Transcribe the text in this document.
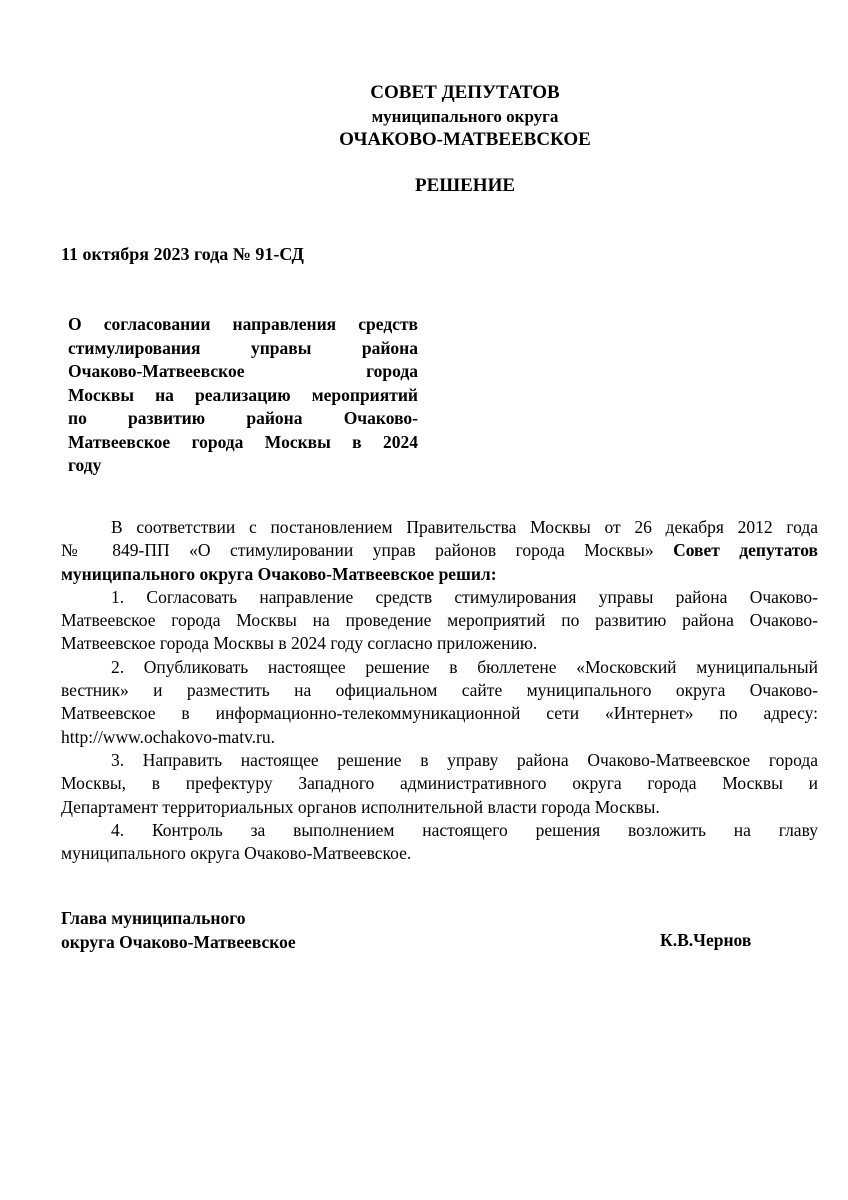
СОВЕТ ДЕПУТАТОВ
муниципального округа
ОЧАКОВО-МАТВЕЕВСКОЕ
РЕШЕНИЕ
11 октября 2023 года № 91-СД
О согласовании направления средств
стимулирования управы района
Очаково-Матвеевское города
Москвы на реализацию мероприятий
по развитию района Очаково-
Матвеевское города Москвы в 2024
году
В соответствии с постановлением Правительства Москвы от 26 декабря 2012 года
№ 849-ПП «О стимулировании управ районов города Москвы» Совет депутатов
муниципального округа Очаково-Матвеевское решил:
1. Согласовать направление средств стимулирования управы района Очаково-
Матвеевское города Москвы на проведение мероприятий по развитию района Очаково-
Матвеевское города Москвы в 2024 году согласно приложению.
2. Опубликовать настоящее решение в бюллетене «Московский муниципальный
вестник» и разместить на официальном сайте муниципального округа Очаково-
Матвеевское в информационно-телекоммуникационной сети «Интернет» по адресу:
http://www.ochakovo-matv.ru.
3. Направить настоящее решение в управу района Очаково-Матвеевское города
Москвы, в префектуру Западного административного округа города Москвы и
Департамент территориальных органов исполнительной власти города Москвы.
4. Контроль за выполнением настоящего решения возложить на главу
муниципального округа Очаково-Матвеевское.
Глава муниципального
округа Очаково-Матвеевское	К.В.Чернов
